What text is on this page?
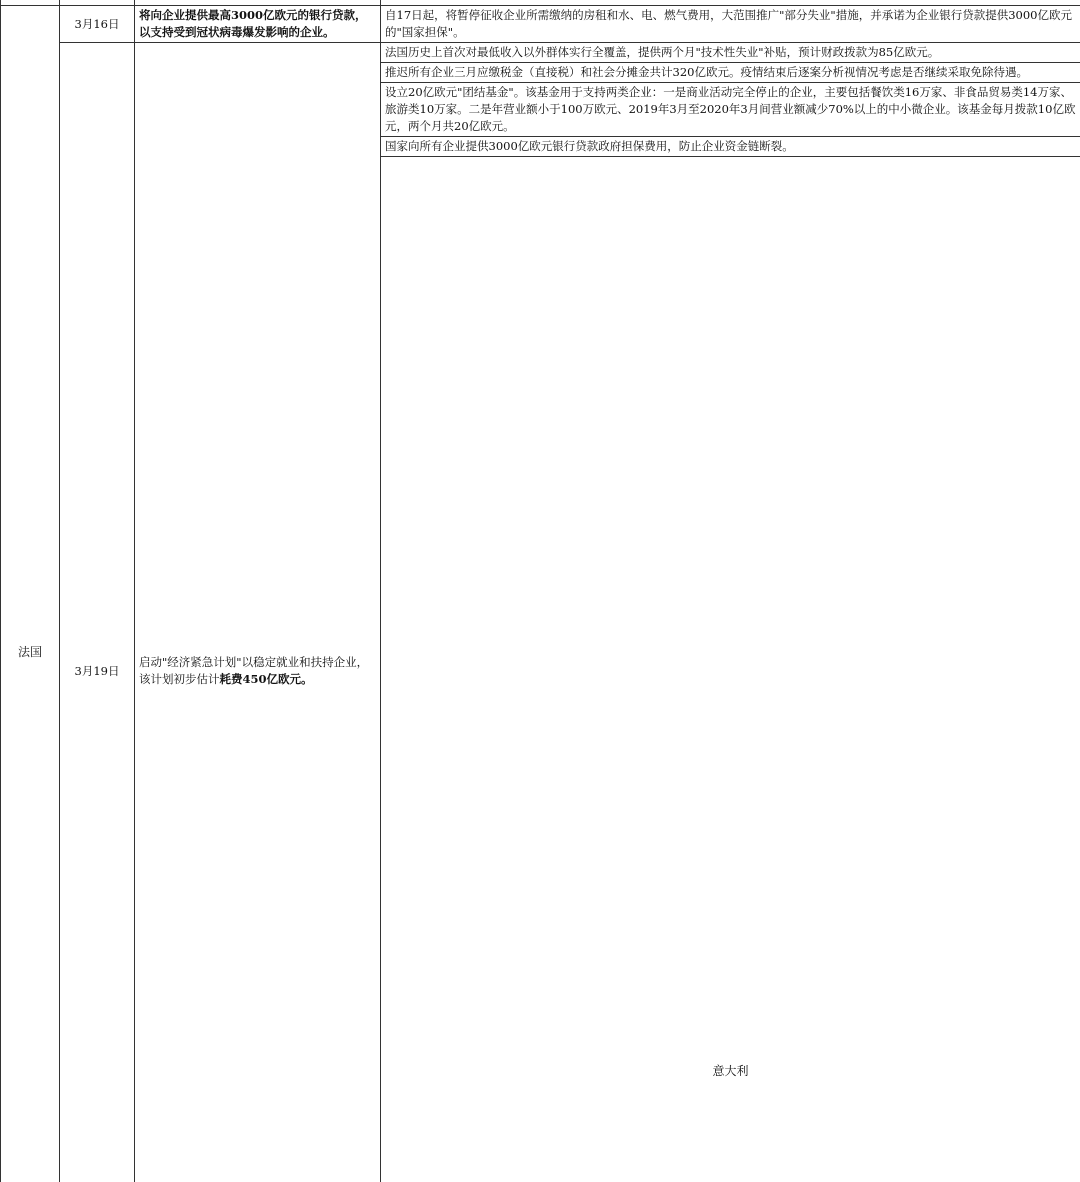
法国	3月16日	将向企业提供最高3000亿欧元的银行贷款，以支持受到冠状病毒爆发影响的企业。	自17日起，将暂停征收企业所需缴纳的房租和水、电、燃气费用，大范围推广"部分失业"措施，并承诺为企业银行贷款提供3000亿欧元的"国家担保"。	
	3月19日	启动"经济紧急计划"以稳定就业和扶持企业，该计划初步估计耗费450亿欧元。	法国历史上首次对最低收入以外群体实行全覆盖，提供两个月"技术性失业"补贴，预计财政拨款为85亿欧元。	
			推迟所有企业三月应缴税金（直接税）和社会分摊金共计320亿欧元。疫情结束后逐案分析视情况考虑是否继续采取免除待遇。	
			设立20亿欧元"团结基金"。该基金用于支持两类企业：一是商业活动完全停止的企业，主要包括餐饮类16万家、非食品贸易类14万家、旅游类10万家。二是年营业额小于100万欧元、2019年3月至2020年3月间营业额减少70%以上的中小微企业。该基金每月拨款10亿欧元，两个月共20亿欧元。	
			国家向所有企业提供3000亿欧元银行贷款政府担保费用，防止企业资金链断裂。	
			意大利			
